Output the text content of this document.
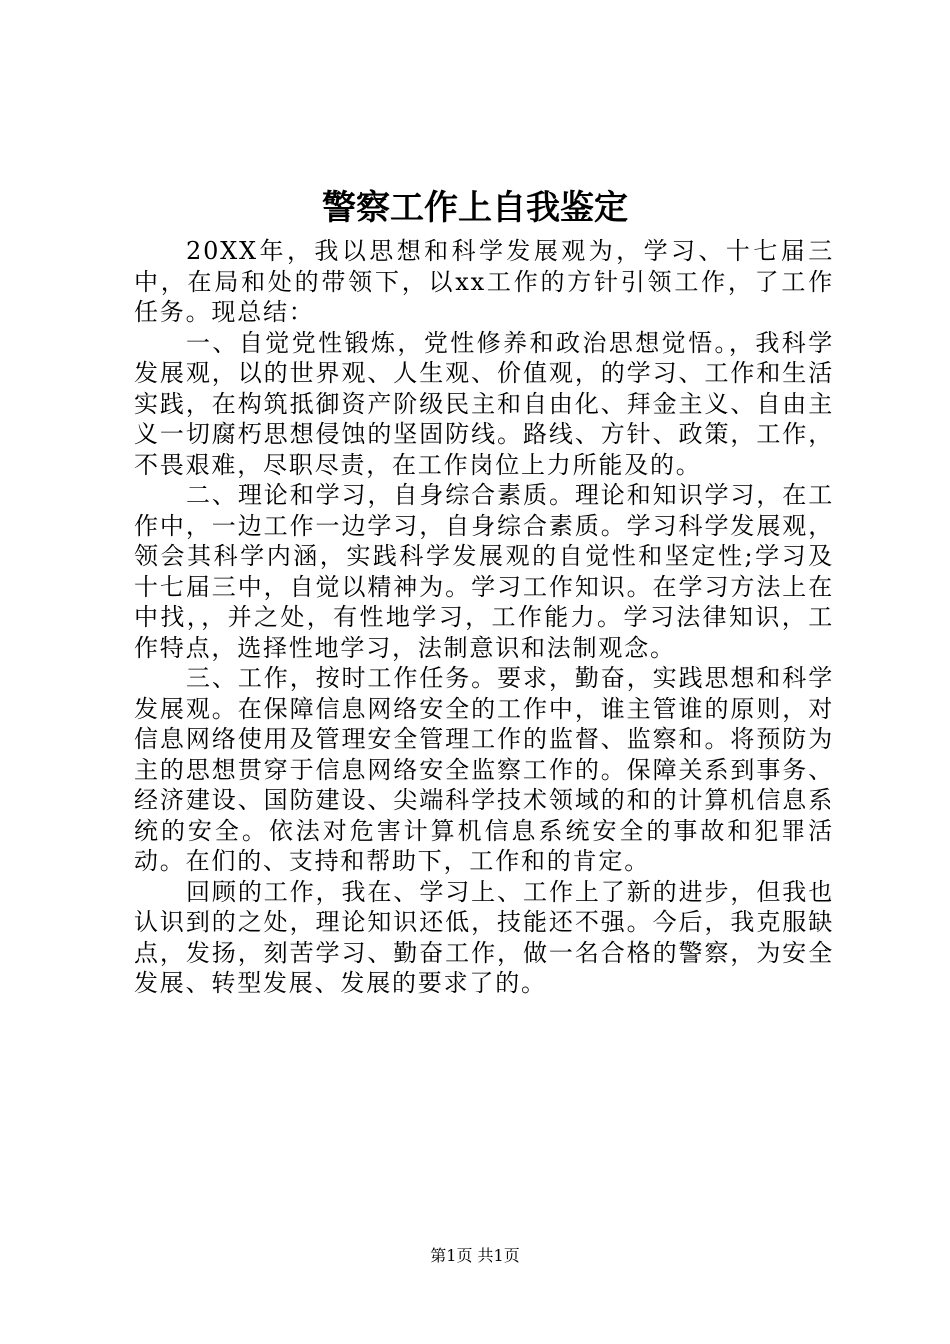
警察工作上自我鉴定

20XX年，我以思想和科学发展观为，学习、十七届三中，在局和处的带领下，以xx工作的方针引领工作，了工作任务。现总结：

一、自觉党性锻炼，党性修养和政治思想觉悟。，我科学发展观，以的世界观、人生观、价值观，的学习、工作和生活实践，在构筑抵御资产阶级民主和自由化、拜金主义、自由主义一切腐朽思想侵蚀的坚固防线。路线、方针、政策，工作，不畏艰难，尽职尽责，在工作岗位上力所能及的。

二、理论和学习，自身综合素质。理论和知识学习，在工作中，一边工作一边学习，自身综合素质。学习科学发展观，领会其科学内涵，实践科学发展观的自觉性和坚定性;学习及十七届三中，自觉以精神为。学习工作知识。在学习方法上在中找，，并之处，有性地学习，工作能力。学习法律知识，工作特点，选择性地学习，法制意识和法制观念。

三、工作，按时工作任务。要求，勤奋，实践思想和科学发展观。在保障信息网络安全的工作中，谁主管谁的原则，对信息网络使用及管理安全管理工作的监督、监察和。将预防为主的思想贯穿于信息网络安全监察工作的。保障关系到事务、经济建设、国防建设、尖端科学技术领域的和的计算机信息系统的安全。依法对危害计算机信息系统安全的事故和犯罪活动。在们的、支持和帮助下，工作和的肯定。

回顾的工作，我在、学习上、工作上了新的进步，但我也认识到的之处，理论知识还低，技能还不强。今后，我克服缺点，发扬，刻苦学习、勤奋工作，做一名合格的警察，为安全发展、转型发展、发展的要求了的。

第1页 共1页
